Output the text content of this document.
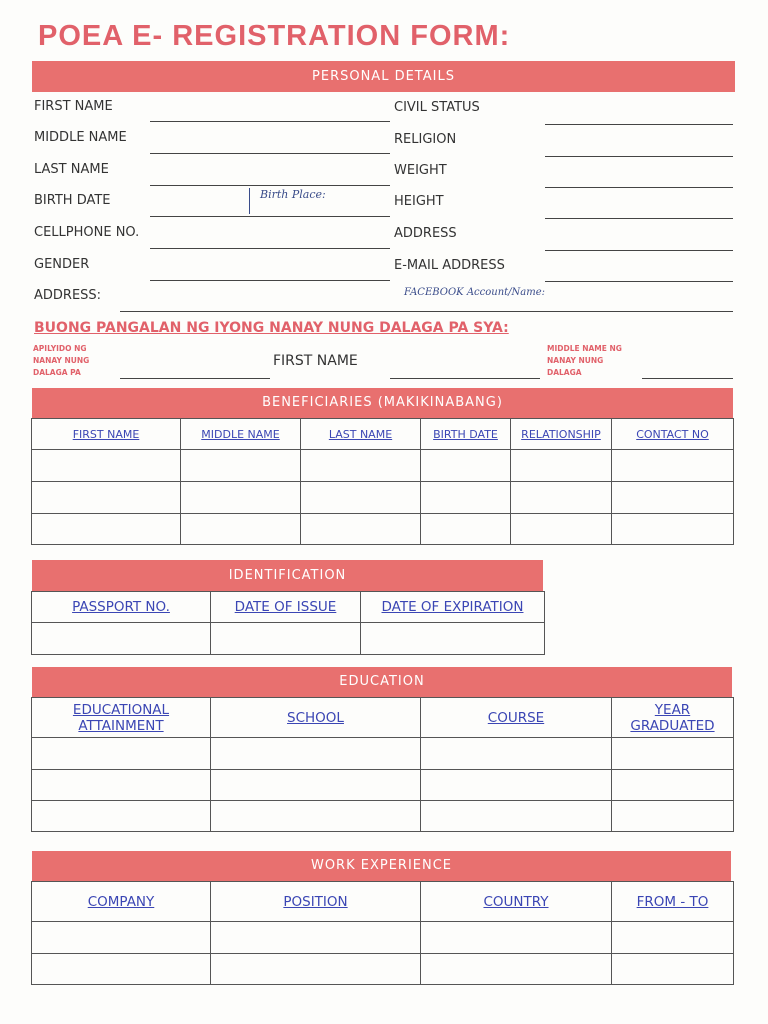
POEA E- REGISTRATION FORM:
PERSONAL DETAILS
FIRST NAME
MIDDLE NAME
LAST NAME
BIRTH DATE
CELLPHONE NO.
GENDER
ADDRESS:
Birth Place:
CIVIL STATUS
RELIGION
WEIGHT
HEIGHT
ADDRESS
E-MAIL ADDRESS
FACEBOOK Account/Name:
BUONG PANGALAN NG IYONG NANAY NUNG DALAGA PA SYA:
APILYIDO NG NANAY NUNG DALAGA PA
FIRST NAME
MIDDLE NAME NG NANAY NUNG DALAGA
BENEFICIARIES (MAKIKINABANG)
FIRST NAME	MIDDLE NAME	LAST NAME	BIRTH DATE	RELATIONSHIP	CONTACT NO

IDENTIFICATION
PASSPORT NO.	DATE OF ISSUE	DATE OF EXPIRATION

EDUCATION
EDUCATIONAL ATTAINMENT	SCHOOL	COURSE	YEAR GRADUATED

WORK EXPERIENCE
COMPANY	POSITION	COUNTRY	FROM - TO
